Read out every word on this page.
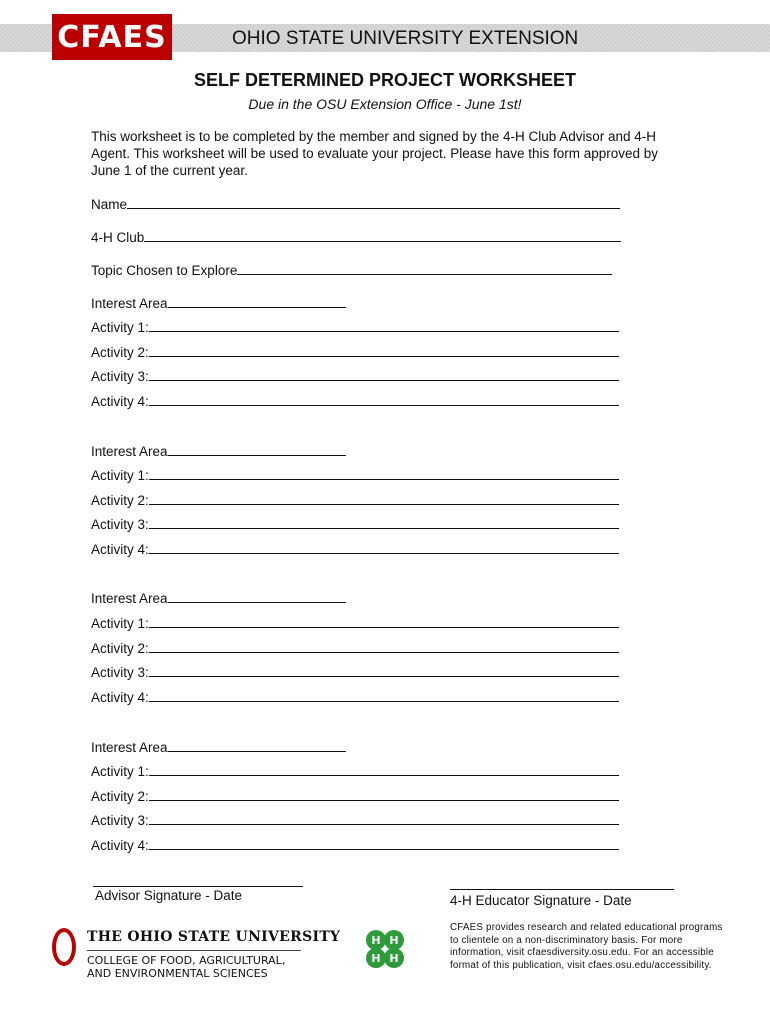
CFAES	OHIO STATE UNIVERSITY EXTENSION
SELF DETERMINED PROJECT WORKSHEET
Due in the OSU Extension Office - June 1st!
This worksheet is to be completed by the member and signed by the 4-H Club Advisor and 4-H Agent. This worksheet will be used to evaluate your project. Please have this form approved by June 1 of the current year.
Name
4-H Club
Topic Chosen to Explore
Interest Area
Activity 1:
Activity 2:
Activity 3:
Activity 4:
Interest Area
Activity 1:
Activity 2:
Activity 3:
Activity 4:
Interest Area
Activity 1:
Activity 2:
Activity 3:
Activity 4:
Interest Area
Activity 1:
Activity 2:
Activity 3:
Activity 4:
Advisor Signature - Date	4-H Educator Signature - Date
THE OHIO STATE UNIVERSITY
COLLEGE OF FOOD, AGRICULTURAL,
AND ENVIRONMENTAL SCIENCES
H H
H H
CFAES provides research and related educational programs to clientele on a non-discriminatory basis. For more information, visit cfaesdiversity.osu.edu. For an accessible format of this publication, visit cfaes.osu.edu/accessibility.
